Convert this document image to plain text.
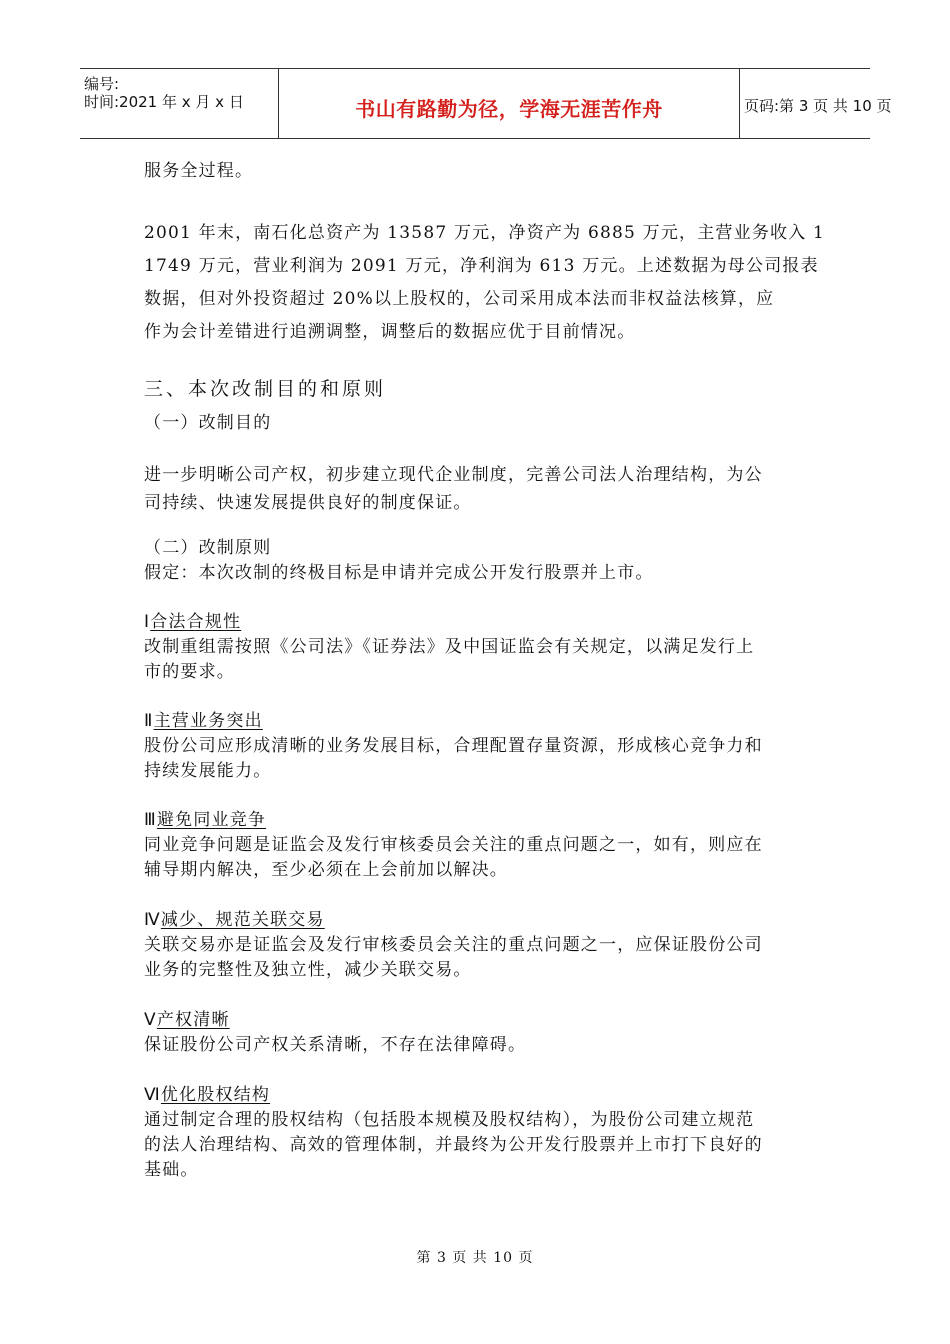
编号:
时间:2021 年 x 月 x 日	书山有路勤为径，学海无涯苦作舟	页码:第 3 页 共 10 页
服务全过程。
2001 年末，南石化总资产为 13587 万元，净资产为 6885 万元，主营业务收入 1
1749 万元，营业利润为 2091 万元，净利润为 613 万元。上述数据为母公司报表
数据，但对外投资超过 20%以上股权的，公司采用成本法而非权益法核算，应
作为会计差错进行追溯调整，调整后的数据应优于目前情况。
三、本次改制目的和原则
（一）改制目的
进一步明晰公司产权，初步建立现代企业制度，完善公司法人治理结构，为公
司持续、快速发展提供良好的制度保证。
（二）改制原则
假定：本次改制的终极目标是申请并完成公开发行股票并上市。
Ⅰ合法合规性
改制重组需按照《公司法》《证券法》及中国证监会有关规定，以满足发行上
市的要求。
Ⅱ主营业务突出
股份公司应形成清晰的业务发展目标，合理配置存量资源，形成核心竞争力和
持续发展能力。
Ⅲ避免同业竞争
同业竞争问题是证监会及发行审核委员会关注的重点问题之一，如有，则应在
辅导期内解决，至少必须在上会前加以解决。
Ⅳ减少、规范关联交易
关联交易亦是证监会及发行审核委员会关注的重点问题之一，应保证股份公司
业务的完整性及独立性，减少关联交易。
Ⅴ产权清晰
保证股份公司产权关系清晰，不存在法律障碍。
Ⅵ优化股权结构
通过制定合理的股权结构（包括股本规模及股权结构），为股份公司建立规范
的法人治理结构、高效的管理体制，并最终为公开发行股票并上市打下良好的
基础。
第 3 页 共 10 页
